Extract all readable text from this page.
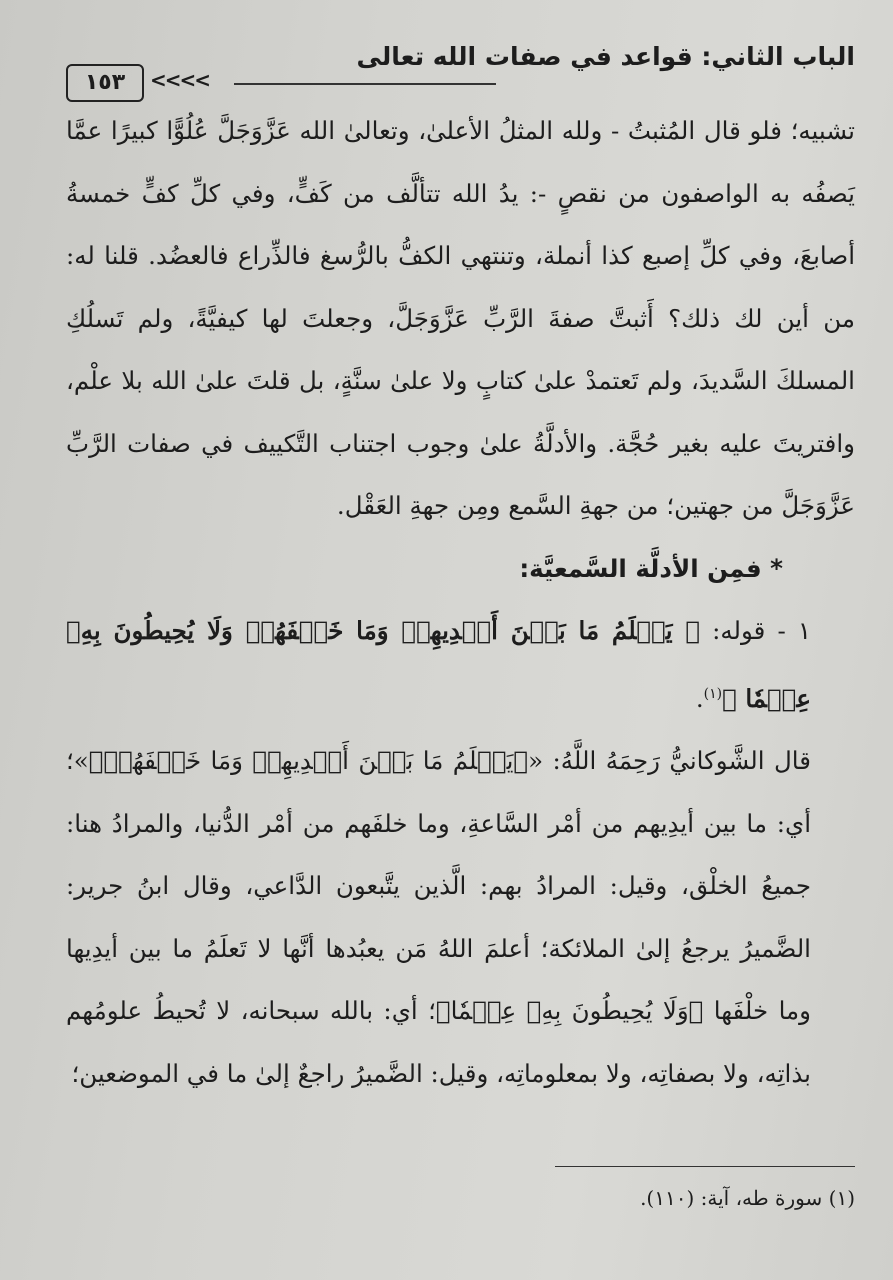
الباب الثاني: قواعد في صفات الله تعالى
<<<<
١٥٣

تشبيه؛ فلو قال المُثبتُ - ولله المثلُ الأعلىٰ، وتعالىٰ الله عَزَّوَجَلَّ عُلُوًّا كبيرًا عمَّا يَصفُه به الواصفون من نقصٍ -: يدُ الله تتألَّف من كَفٍّ، وفي كلِّ كفٍّ خمسةُ أصابعَ، وفي كلِّ إصبع كذا أنملة، وتنتهي الكفُّ بالرُّسغ فالذِّراع فالعضُد. قلنا له: من أين لك ذلك؟ أَثبتَّ صفةَ الرَّبِّ عَزَّوَجَلَّ، وجعلتَ لها كيفيَّةً، ولم تَسلُكِ المسلكَ السَّديدَ، ولم تَعتمدْ علىٰ كتابٍ ولا علىٰ سنَّةٍ، بل قلتَ علىٰ الله بلا علْم، وافتريتَ عليه بغير حُجَّة. والأدلَّةُ علىٰ وجوب اجتناب التَّكييف في صفات الرَّبِّ عَزَّوَجَلَّ من جهتين؛ من جهةِ السَّمع ومِن جهةِ العَقْل.

* فمِن الأدلَّة السَّمعيَّة:

١ - قوله: ﴿ يَعۡلَمُ مَا بَيۡنَ أَيۡدِيهِمۡ وَمَا خَلۡفَهُمۡ وَلَا يُحِيطُونَ بِهِۦ عِلۡمٗا ﴾$^{(١)}$.

قال الشَّوكانيُّ رَحِمَهُ اللَّهُ: «﴿يَعۡلَمُ مَا بَيۡنَ أَيۡدِيهِمۡ وَمَا خَلۡفَهُمۡ﴾»؛ أي: ما بين أيدِيهم من أمْر السَّاعةِ، وما خلفَهم من أمْر الدُّنيا، والمرادُ هنا: جميعُ الخلْق، وقيل: المرادُ بهم: الَّذين يتَّبعون الدَّاعي، وقال ابنُ جرير: الضَّميرُ يرجعُ إلىٰ الملائكة؛ أعلمَ اللهُ مَن يعبُدها أنَّها لا تَعلَمُ ما بين أيدِيها وما خلْفَها ﴿وَلَا يُحِيطُونَ بِهِۦ عِلۡمٗا﴾؛ أي: بالله سبحانه، لا تُحيطُ علومُهم بذاتِه، ولا بصفاتِه، ولا بمعلوماتِه، وقيل: الضَّميرُ راجعٌ إلىٰ ما في الموضعين؛

(١) سورة طه، آية: (١١٠).
